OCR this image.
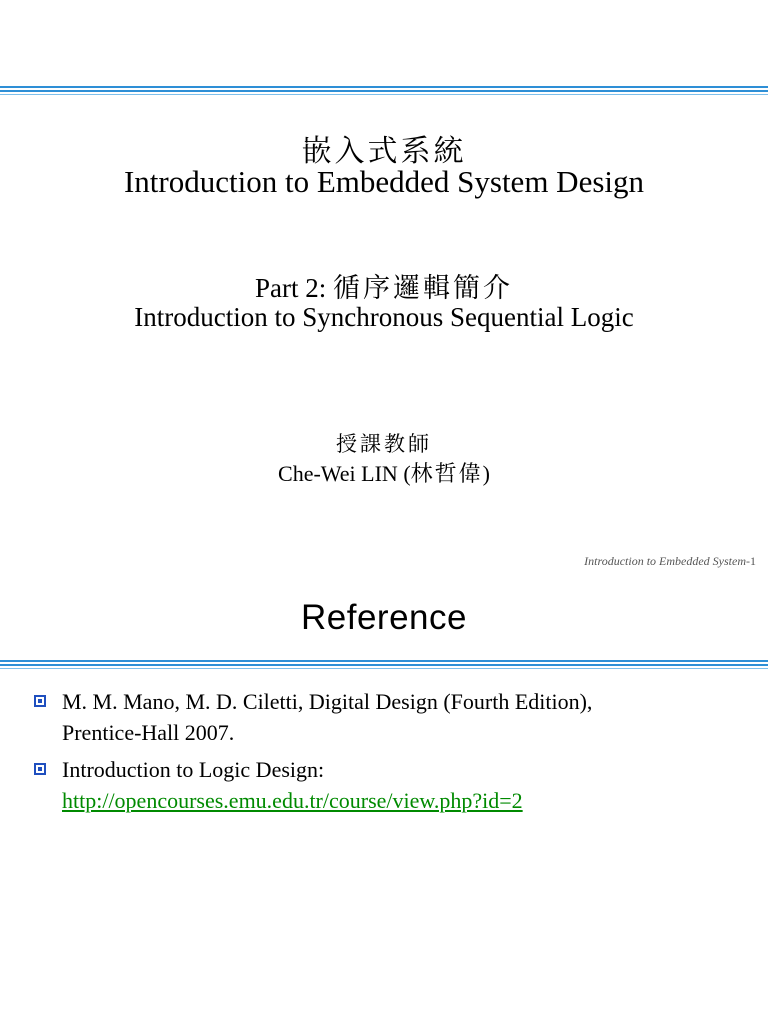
嵌入式系統
Introduction to Embedded System Design
Part 2: 循序邏輯簡介
Introduction to Synchronous Sequential Logic
授課教師
Che-Wei LIN (林哲偉)
Introduction to Embedded System-1
Reference
M. M. Mano, M. D. Ciletti, Digital Design (Fourth Edition),
Prentice-Hall 2007.
Introduction to Logic Design:
http://opencourses.emu.edu.tr/course/view.php?id=2
